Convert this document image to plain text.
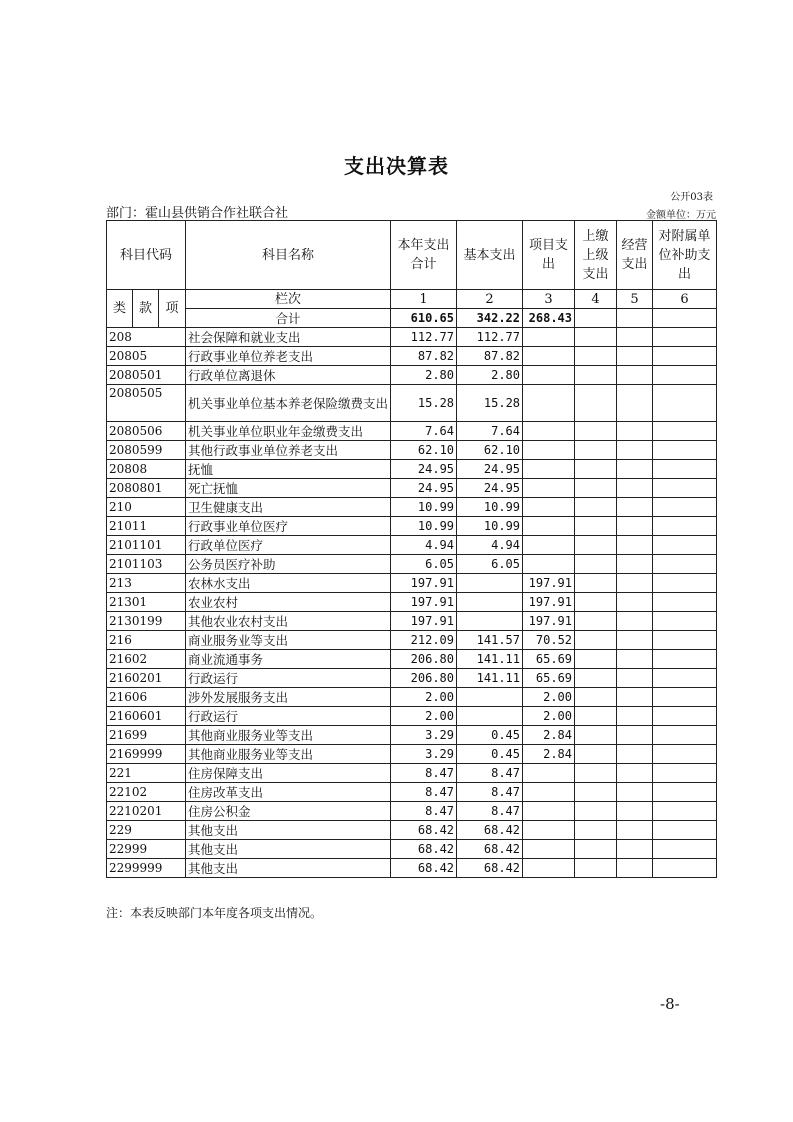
支出决算表
公开03表
部门：霍山县供销合作社联合社	金额单位：万元
科目代码			科目名称	本年支出合计	基本支出	项目支出	上缴上级支出	经营支出	对附属单位补助支出
类	款	项	栏次	1	2	3	4	5	6
			合计	610.65	342.22	268.43			
208			社会保障和就业支出	112.77	112.77				
20805			行政事业单位养老支出	87.82	87.82				
2080501			行政单位离退休	2.80	2.80				
2080505			机关事业单位基本养老保险缴费支出	15.28	15.28				
2080506			机关事业单位职业年金缴费支出	7.64	7.64				
2080599			其他行政事业单位养老支出	62.10	62.10				
20808			抚恤	24.95	24.95				
2080801			死亡抚恤	24.95	24.95				
210			卫生健康支出	10.99	10.99				
21011			行政事业单位医疗	10.99	10.99				
2101101			行政单位医疗	4.94	4.94				
2101103			公务员医疗补助	6.05	6.05				
213			农林水支出	197.91		197.91			
21301			农业农村	197.91		197.91			
2130199			其他农业农村支出	197.91		197.91			
216			商业服务业等支出	212.09	141.57	70.52			
21602			商业流通事务	206.80	141.11	65.69			
2160201			行政运行	206.80	141.11	65.69			
21606			涉外发展服务支出	2.00		2.00			
2160601			行政运行	2.00		2.00			
21699			其他商业服务业等支出	3.29	0.45	2.84			
2169999			其他商业服务业等支出	3.29	0.45	2.84			
221			住房保障支出	8.47	8.47				
22102			住房改革支出	8.47	8.47				
2210201			住房公积金	8.47	8.47				
229			其他支出	68.42	68.42				
22999			其他支出	68.42	68.42				
2299999			其他支出	68.42	68.42				
注：本表反映部门本年度各项支出情况。
-8-
